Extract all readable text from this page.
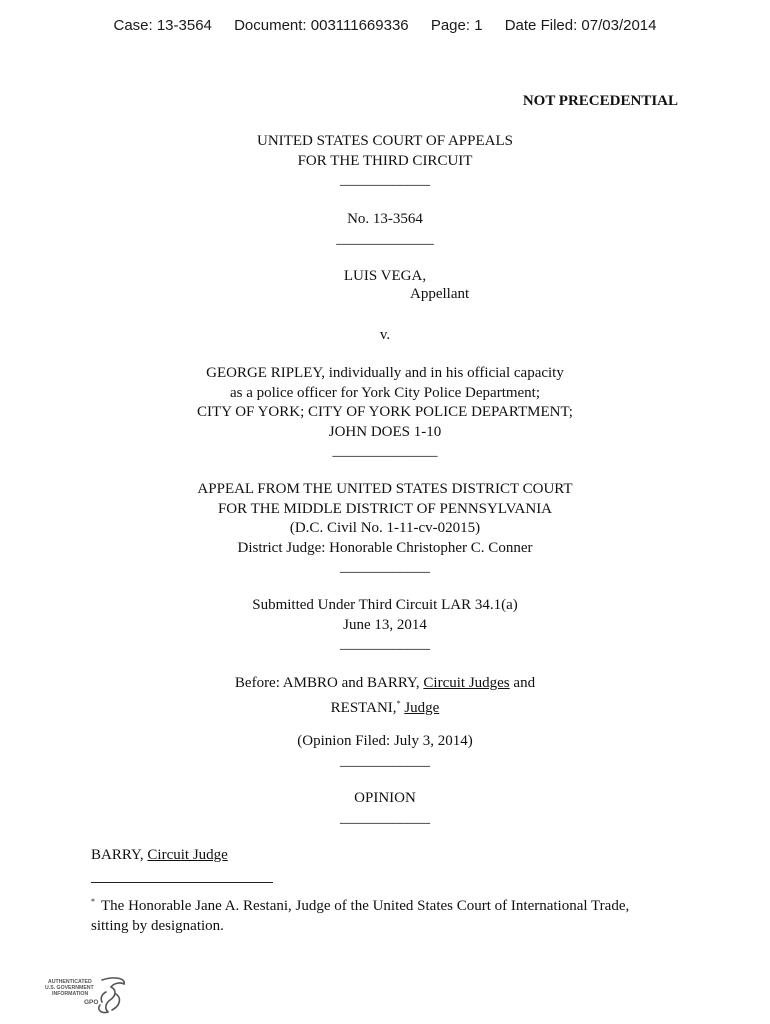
Case: 13-3564 Document: 003111669336 Page: 1 Date Filed: 07/03/2014
NOT PRECEDENTIAL
UNITED STATES COURT OF APPEALS
FOR THE THIRD CIRCUIT
____________
No. 13-3564
_____________
LUIS VEGA,
Appellant
v.
GEORGE RIPLEY, individually and in his official capacity
as a police officer for York City Police Department;
CITY OF YORK; CITY OF YORK POLICE DEPARTMENT;
JOHN DOES 1-10
______________
APPEAL FROM THE UNITED STATES DISTRICT COURT
FOR THE MIDDLE DISTRICT OF PENNSYLVANIA
(D.C. Civil No. 1-11-cv-02015)
District Judge: Honorable Christopher C. Conner
____________
Submitted Under Third Circuit LAR 34.1(a)
June 13, 2014
____________
Before: AMBRO and BARRY, Circuit Judges and
RESTANI,* Judge
(Opinion Filed: July 3, 2014)
____________
OPINION
____________
BARRY, Circuit Judge
* The Honorable Jane A. Restani, Judge of the United States Court of International Trade, sitting by designation.
AUTHENTICATED
U.S. GOVERNMENT
INFORMATION
GPO
